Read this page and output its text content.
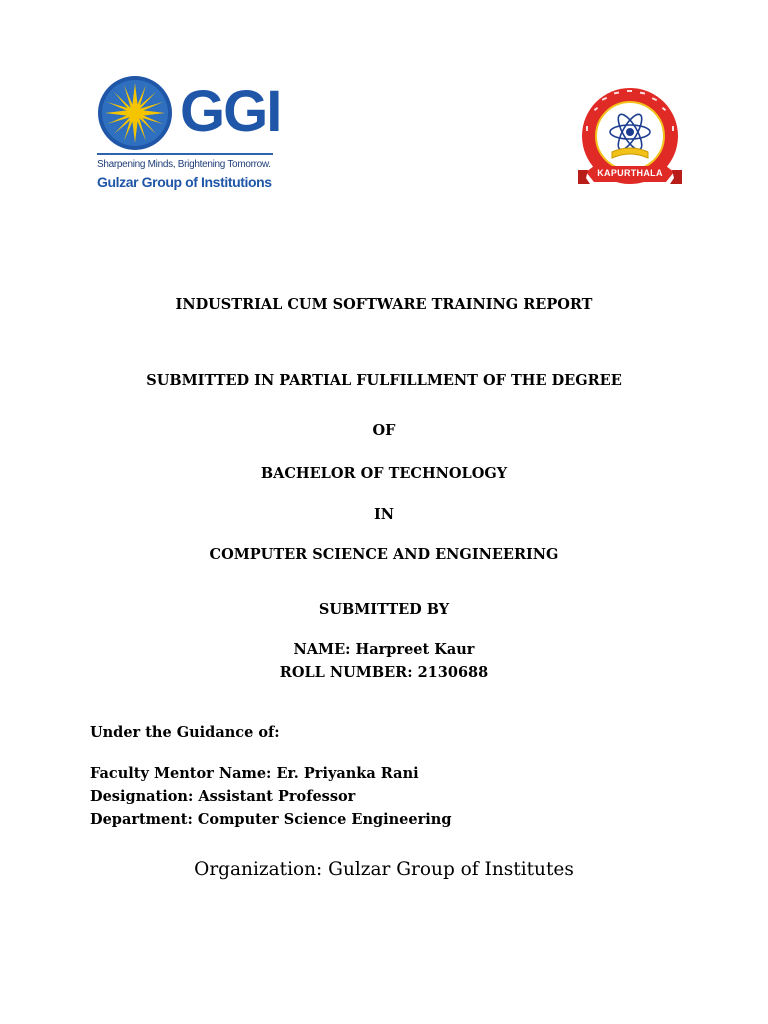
GGI
Sharpening Minds, Brightening Tomorrow.
Gulzar Group of Institutions
KAPURTHALA
INDUSTRIAL CUM SOFTWARE TRAINING REPORT
SUBMITTED IN PARTIAL FULFILLMENT OF THE DEGREE
OF
BACHELOR OF TECHNOLOGY
IN
COMPUTER SCIENCE AND ENGINEERING
SUBMITTED BY
NAME: Harpreet Kaur
ROLL NUMBER: 2130688
Under the Guidance of:
Faculty Mentor Name: Er. Priyanka Rani
Designation: Assistant Professor
Department: Computer Science Engineering
Organization: Gulzar Group of Institutes
